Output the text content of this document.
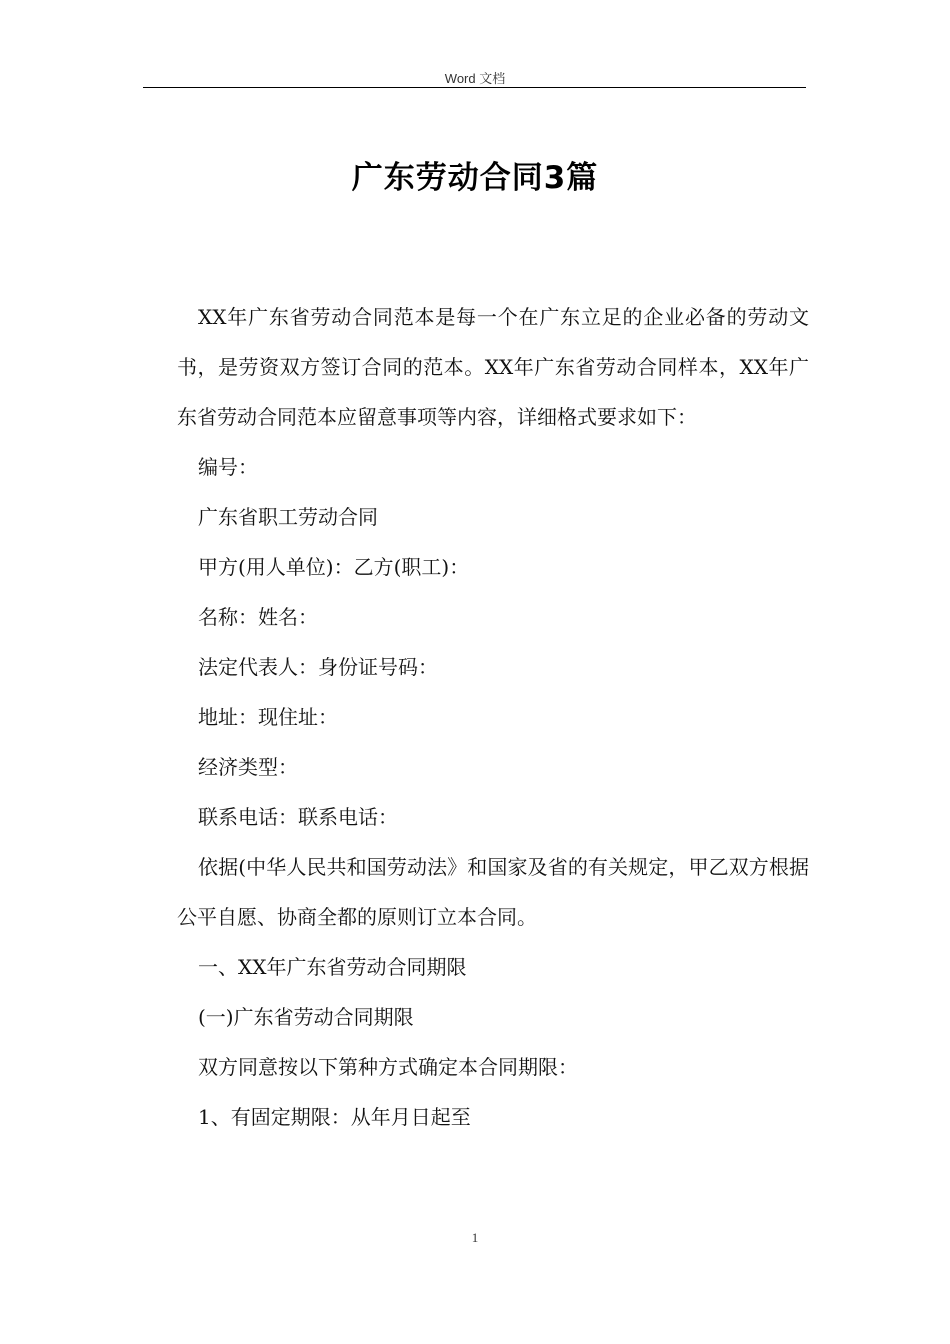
Word 文档
广东劳动合同3篇

XX年广东省劳动合同范本是每一个在广东立足的企业必备的劳动文书，是劳资双方签订合同的范本。XX年广东省劳动合同样本，XX年广东省劳动合同范本应留意事项等内容，详细格式要求如下：

编号：

广东省职工劳动合同

甲方(用人单位)：乙方(职工)：

名称：姓名：

法定代表人：身份证号码：

地址：现住址：

经济类型：

联系电话：联系电话：

依据(中华人民共和国劳动法》和国家及省的有关规定，甲乙双方根据公平自愿、协商全都的原则订立本合同。

一、XX年广东省劳动合同期限

(一)广东省劳动合同期限

双方同意按以下第种方式确定本合同期限：

1、有固定期限：从年月日起至

1
